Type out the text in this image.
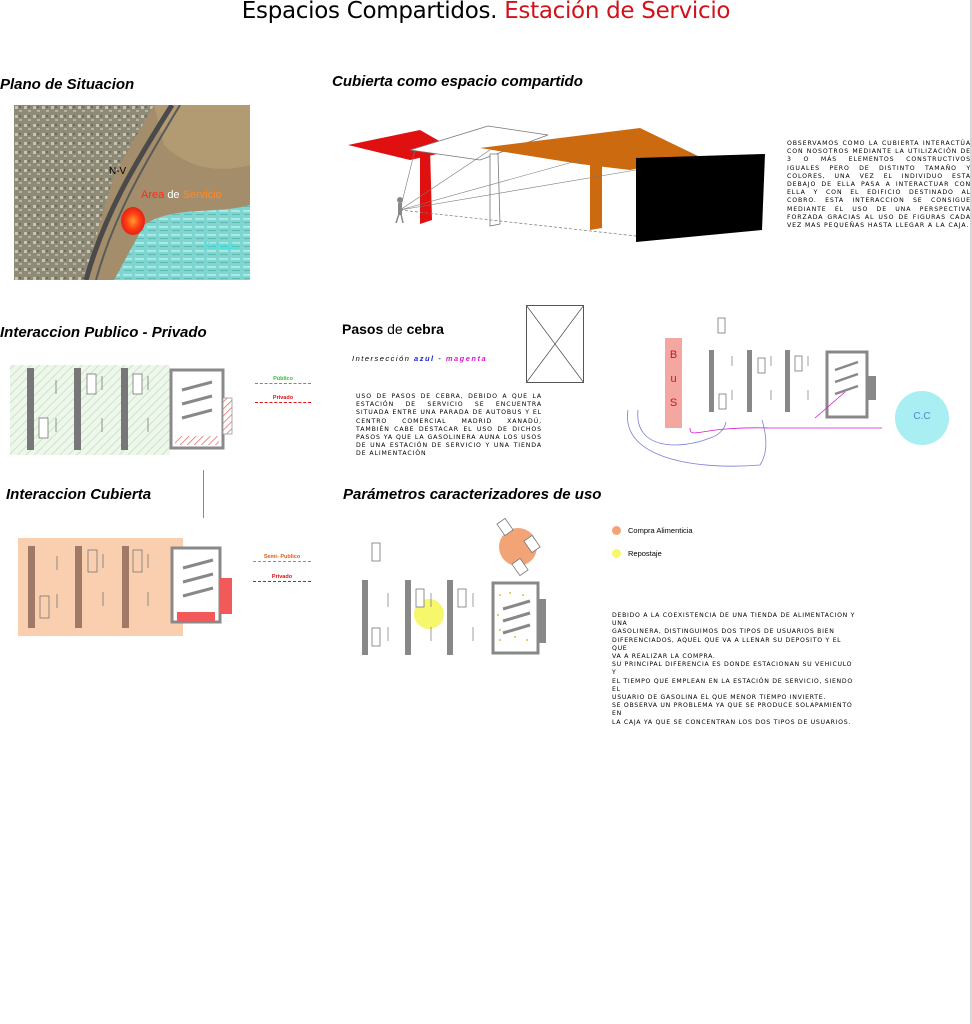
Espacios Compartidos. Estación de Servicio
Plano de Situacion
N-V
Area de Servicio
Xanadu
Cubierta como espacio compartido
OBSERVAMOS COMO LA CUBIERTA INTERACTÚA CON NOSOTROS MEDIANTE LA UTILIZACIÓN DE 3 O MÁS ELEMENTOS CONSTRUCTIVOS IGUALES PERO DE DISTINTO TAMAÑO Y COLORES, UNA VEZ EL INDIVIDUO ESTA DEBAJO DE ELLA PASA A INTERACTUAR CON ELLA Y CON EL EDIFICIO DESTINADO AL COBRO. ESTA INTERACCION SE CONSIGUE MEDIANTE EL USO DE UNA PERSPECTIVA FORZADA GRACIAS AL USO DE FIGURAS CADA VEZ MAS PEQUEÑAS HASTA LLEGAR A LA CAJA.
Interaccion Publico - Privado
Público
Privado
Pasos de cebra
Intersección azul - magenta
USO DE PASOS DE CEBRA, DEBIDO A QUE LA ESTACIÓN DE SERVICIO SE ENCUENTRA SITUADA ENTRE UNA PARADA DE AUTOBUS Y EL CENTRO COMERCIAL MADRID XANADÚ, TAMBIÉN CABE DESTACAR EL USO DE DICHOS PASOS YA QUE LA GASOLINERA AUNA LOS USOS DE UNA ESTACIÓN DE SERVICIO Y UNA TIENDA DE ALIMENTACIÓN
B
u
S
C.C
Interaccion Cubierta
Semi- Publico
Privado
Parámetros caracterizadores de uso
Compra Alimenticia
Repostaje
DEBIDO A LA COEXISTENCIA DE UNA TIENDA DE ALIMENTACION Y UNA
GASOLINERA, DISTINGUIMOS DOS TIPOS DE USUARIOS BIEN
DIFERENCIADOS, AQUEL QUE VA A LLENAR SU DEPOSITO Y EL QUE
VA A REALIZAR LA COMPRA.
SU PRINCIPAL DIFERENCIA ES DONDE ESTACIONAN SU VEHICULO Y
EL TIEMPO QUE EMPLEAN EN LA ESTACIÓN DE SERVICIO, SIENDO EL
USUARIO DE GASOLINA EL QUE MENOR TIEMPO INVIERTE.
SE OBSERVA UN PROBLEMA YA QUE SE PRODUCE SOLAPAMIENTO EN
LA CAJA YA QUE SE CONCENTRAN LOS DOS TIPOS DE USUARIOS.
